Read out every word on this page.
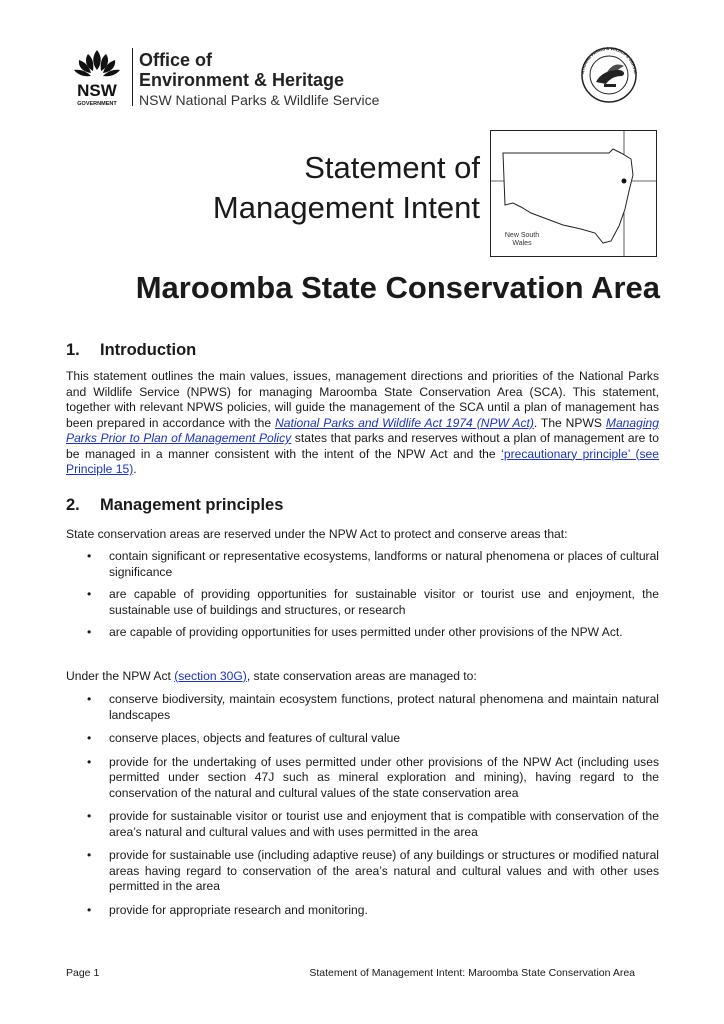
NSW
GOVERNMENT
Office of
Environment & Heritage
NSW National Parks & Wildlife Service
ATIONAL PARKS & WILDLIFE SERVIC
Statement of
Management Intent
New South Wales
Maroomba State Conservation Area
1. Introduction
This statement outlines the main values, issues, management directions and priorities of the National Parks and Wildlife Service (NPWS) for managing Maroomba State Conservation Area (SCA). This statement, together with relevant NPWS policies, will guide the management of the SCA until a plan of management has been prepared in accordance with the National Parks and Wildlife Act 1974 (NPW Act). The NPWS Managing Parks Prior to Plan of Management Policy states that parks and reserves without a plan of management are to be managed in a manner consistent with the intent of the NPW Act and the ‘precautionary principle’ (see Principle 15).
2. Management principles
State conservation areas are reserved under the NPW Act to protect and conserve areas that:
• contain significant or representative ecosystems, landforms or natural phenomena or places of cultural significance
• are capable of providing opportunities for sustainable visitor or tourist use and enjoyment, the sustainable use of buildings and structures, or research
• are capable of providing opportunities for uses permitted under other provisions of the NPW Act.
Under the NPW Act (section 30G), state conservation areas are managed to:
• conserve biodiversity, maintain ecosystem functions, protect natural phenomena and maintain natural landscapes
• conserve places, objects and features of cultural value
• provide for the undertaking of uses permitted under other provisions of the NPW Act (including uses permitted under section 47J such as mineral exploration and mining), having regard to the conservation of the natural and cultural values of the state conservation area
• provide for sustainable visitor or tourist use and enjoyment that is compatible with conservation of the area’s natural and cultural values and with uses permitted in the area
• provide for sustainable use (including adaptive reuse) of any buildings or structures or modified natural areas having regard to conservation of the area’s natural and cultural values and with other uses permitted in the area
• provide for appropriate research and monitoring.
Page 1	Statement of Management Intent: Maroomba State Conservation Area
